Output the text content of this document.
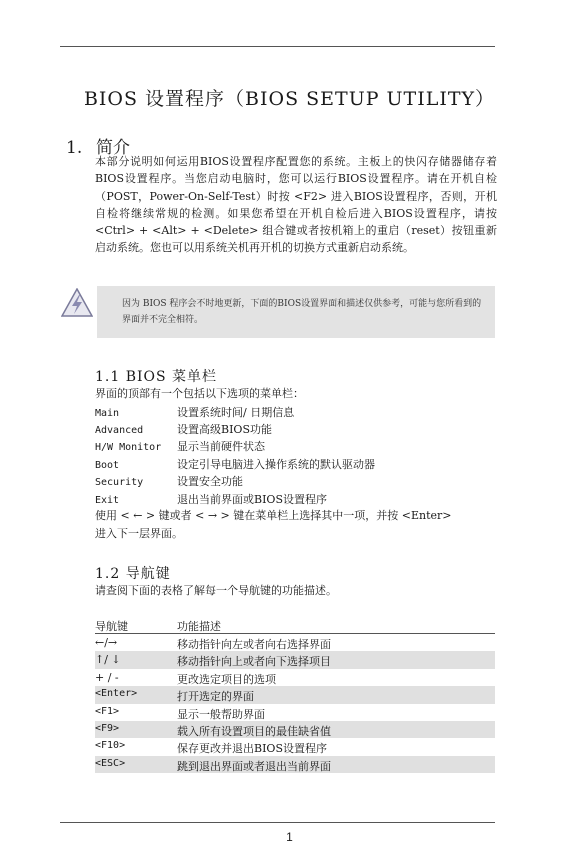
BIOS 设置程序（BIOS SETUP UTILITY）
1. 简介
本部分说明如何运用BIOS设置程序配置您的系统。主板上的快闪存储器储存着BIOS设置程序。当您启动电脑时，您可以运行BIOS设置程序。请在开机自检（POST，Power-On-Self-Test）时按 <F2> 进入BIOS设置程序，否则，开机自检将继续常规的检测。如果您希望在开机自检后进入BIOS设置程序，请按 <Ctrl> + <Alt> + <Delete> 组合键或者按机箱上的重启（reset）按钮重新启动系统。您也可以用系统关机再开机的切换方式重新启动系统。
因为 BIOS 程序会不时地更新，下面的BIOS设置界面和描述仅供参考，可能与您所看到的界面并不完全相符。
1.1 BIOS 菜单栏
界面的顶部有一个包括以下选项的菜单栏：
Main	设置系统时间/ 日期信息
Advanced	设置高级BIOS功能
H/W Monitor 显示当前硬件状态
Boot	设定引导电脑进入操作系统的默认驱动器
Security	设置安全功能
Exit	退出当前界面或BIOS设置程序
使用 < ← > 键或者 < → > 键在菜单栏上选择其中一项，并按 <Enter>
进入下一层界面。
1.2 导航键
请查阅下面的表格了解每一个导航键的功能描述。
导航键	功能描述
←/→	移动指针向左或者向右选择界面
↑/ ↓	移动指针向上或者向下选择项目
+ / -	更改选定项目的选项
<Enter>	打开选定的界面
<F1>	显示一般帮助界面
<F9>	载入所有设置项目的最佳缺省值
<F10>	保存更改并退出BIOS设置程序
<ESC>	跳到退出界面或者退出当前界面
1
